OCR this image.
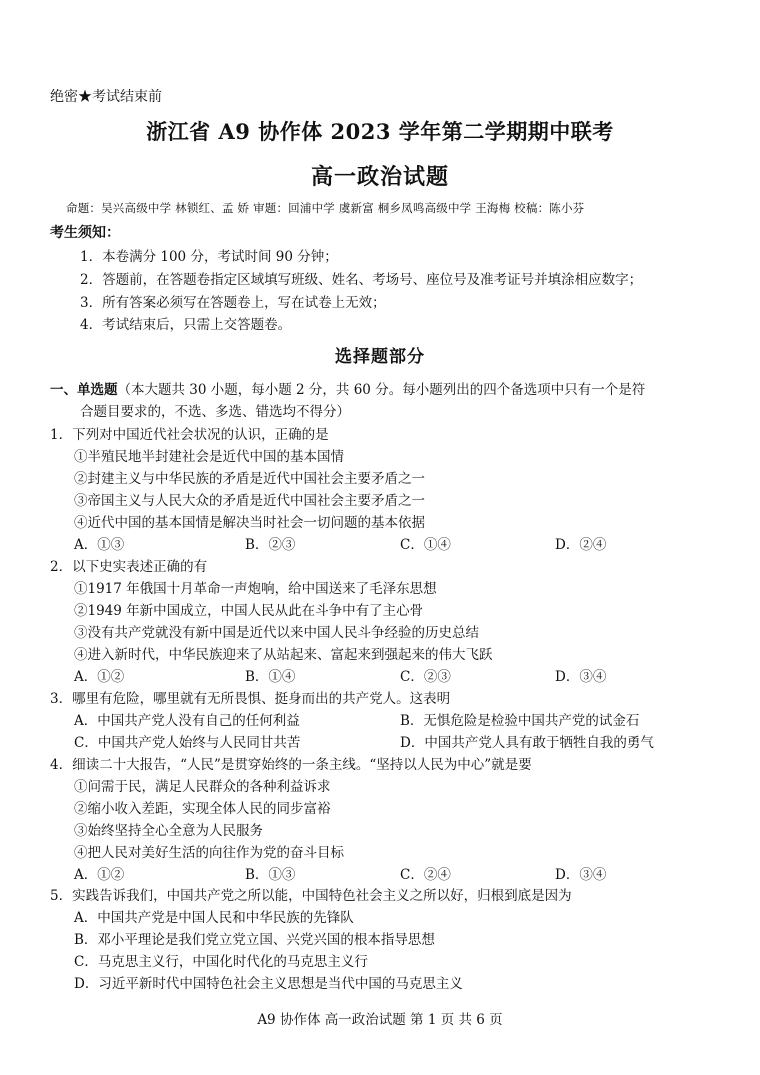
绝密★考试结束前
浙江省 A9 协作体 2023 学年第二学期期中联考
高一政治试题
命题：吴兴高级中学 林锁红、孟 娇 审题：回浦中学 虞新富 桐乡凤鸣高级中学 王海梅 校稿：陈小芬
考生须知：
1．本卷满分 100 分，考试时间 90 分钟；
2．答题前，在答题卷指定区域填写班级、姓名、考场号、座位号及准考证号并填涂相应数字；
3．所有答案必须写在答题卷上，写在试卷上无效；
4．考试结束后，只需上交答题卷。
选择题部分
一、单选题（本大题共 30 小题，每小题 2 分，共 60 分。每小题列出的四个备选项中只有一个是符
合题目要求的，不选、多选、错选均不得分）
1．下列对中国近代社会状况的认识，正确的是
①半殖民地半封建社会是近代中国的基本国情
②封建主义与中华民族的矛盾是近代中国社会主要矛盾之一
③帝国主义与人民大众的矛盾是近代中国社会主要矛盾之一
④近代中国的基本国情是解决当时社会一切问题的基本依据
A．①③	B．②③	C．①④	D．②④
2．以下史实表述正确的有
①1917 年俄国十月革命一声炮响，给中国送来了毛泽东思想
②1949 年新中国成立，中国人民从此在斗争中有了主心骨
③没有共产党就没有新中国是近代以来中国人民斗争经验的历史总结
④进入新时代，中华民族迎来了从站起来、富起来到强起来的伟大飞跃
A．①②	B．①④	C．②③	D．③④
3．哪里有危险，哪里就有无所畏惧、挺身而出的共产党人。这表明
A．中国共产党人没有自己的任何利益	B．无惧危险是检验中国共产党的试金石
C．中国共产党人始终与人民同甘共苦	D．中国共产党人具有敢于牺牲自我的勇气
4．细读二十大报告，“人民”是贯穿始终的一条主线。“坚持以人民为中心”就是要
①问需于民，满足人民群众的各种利益诉求
②缩小收入差距，实现全体人民的同步富裕
③始终坚持全心全意为人民服务
④把人民对美好生活的向往作为党的奋斗目标
A．①②	B．①③	C．②④	D．③④
5．实践告诉我们，中国共产党之所以能，中国特色社会主义之所以好，归根到底是因为
A．中国共产党是中国人民和中华民族的先锋队
B．邓小平理论是我们党立党立国、兴党兴国的根本指导思想
C．马克思主义行，中国化时代化的马克思主义行
D．习近平新时代中国特色社会主义思想是当代中国的马克思主义
A9 协作体 高一政治试题 第 1 页 共 6 页
